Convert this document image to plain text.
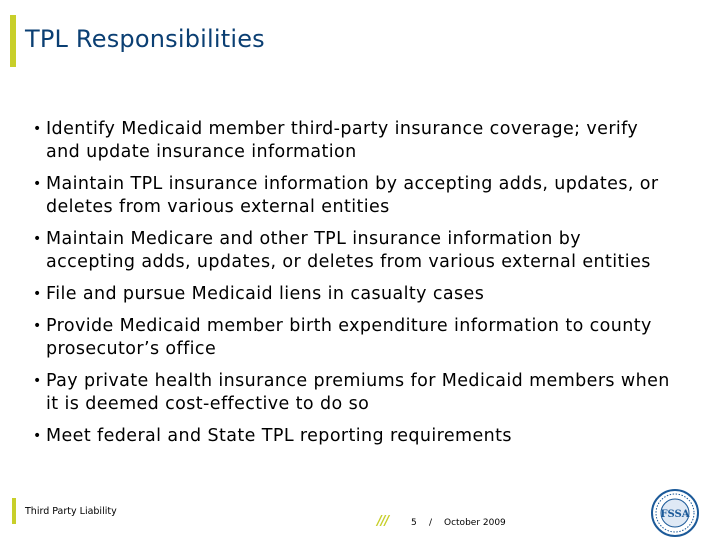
TPL Responsibilities
• Identify Medicaid member third-party insurance coverage; verify and update insurance information
• Maintain TPL insurance information by accepting adds, updates, or deletes from various external entities
• Maintain Medicare and other TPL insurance information by accepting adds, updates, or deletes from various external entities
• File and pursue Medicaid liens in casualty cases
• Provide Medicaid member birth expenditure information to county prosecutor’s office
• Pay private health insurance premiums for Medicaid members when it is deemed cost-effective to do so
• Meet federal and State TPL reporting requirements
Third Party Liability
///	5 / October 2009
FSSA
